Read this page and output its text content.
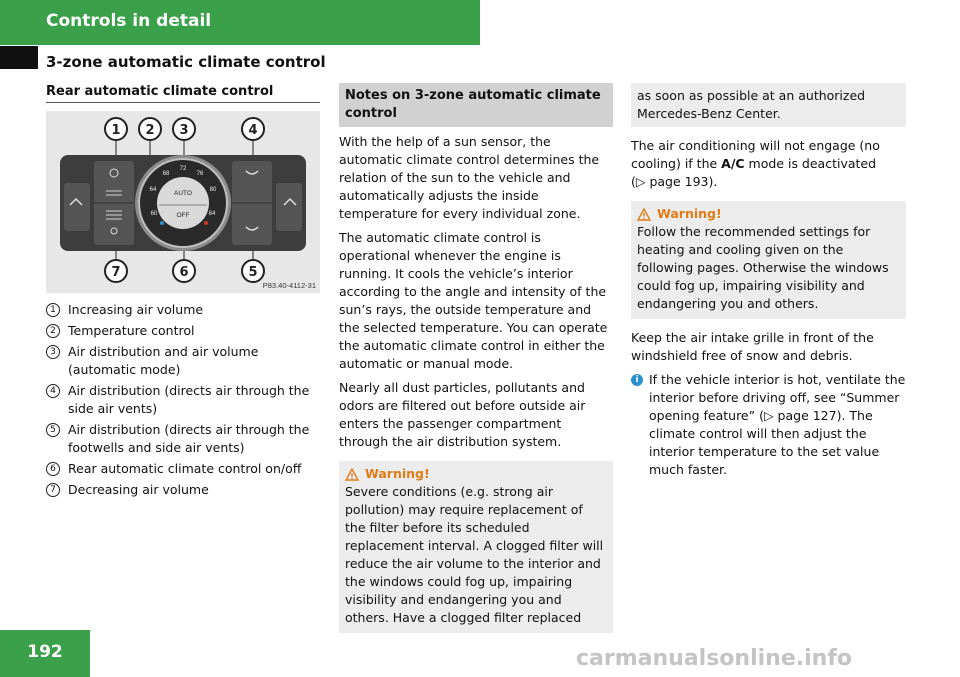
Controls in detail
3-zone automatic climate control
Rear automatic climate control
AUTO
OFF
68
72
76
64	80
60	84
1 2 3	4
5
6
7
P83.40-4112-31
1 Increasing air volume
2 Temperature control
3 Air distribution and air volume (automatic mode)
4 Air distribution (directs air through the side air vents)
5 Air distribution (directs air through the footwells and side air vents)
6 Rear automatic climate control on/off
7 Decreasing air volume
Notes on 3-zone automatic climate control

With the help of a sun sensor, the automatic climate control determines the relation of the sun to the vehicle and automatically adjusts the inside temperature for every individual zone.

The automatic climate control is operational whenever the engine is running. It cools the vehicle’s interior according to the angle and intensity of the sun’s rays, the outside temperature and the selected temperature. You can operate the automatic climate control in either the automatic or manual mode.

Nearly all dust particles, pollutants and odors are filtered out before outside air enters the passenger compartment through the air distribution system.

Warning!

Severe conditions (e.g. strong air pollution) may require replacement of the filter before its scheduled replacement interval. A clogged filter will reduce the air volume to the interior and the windows could fog up, impairing visibility and endangering you and others. Have a clogged filter replaced

as soon as possible at an authorized Mercedes-Benz Center.

The air conditioning will not engage (no cooling) if the A/C mode is deactivated
(▷ page 193).

Warning!

Follow the recommended settings for heating and cooling given on the following pages. Otherwise the windows could fog up, impairing visibility and endangering you and others.

Keep the air intake grille in front of the windshield free of snow and debris.

i If the vehicle interior is hot, ventilate the interior before driving off, see “Summer opening feature” (▷ page 127). The climate control will then adjust the interior temperature to the set value much faster.
192	carmanualsonline.info
